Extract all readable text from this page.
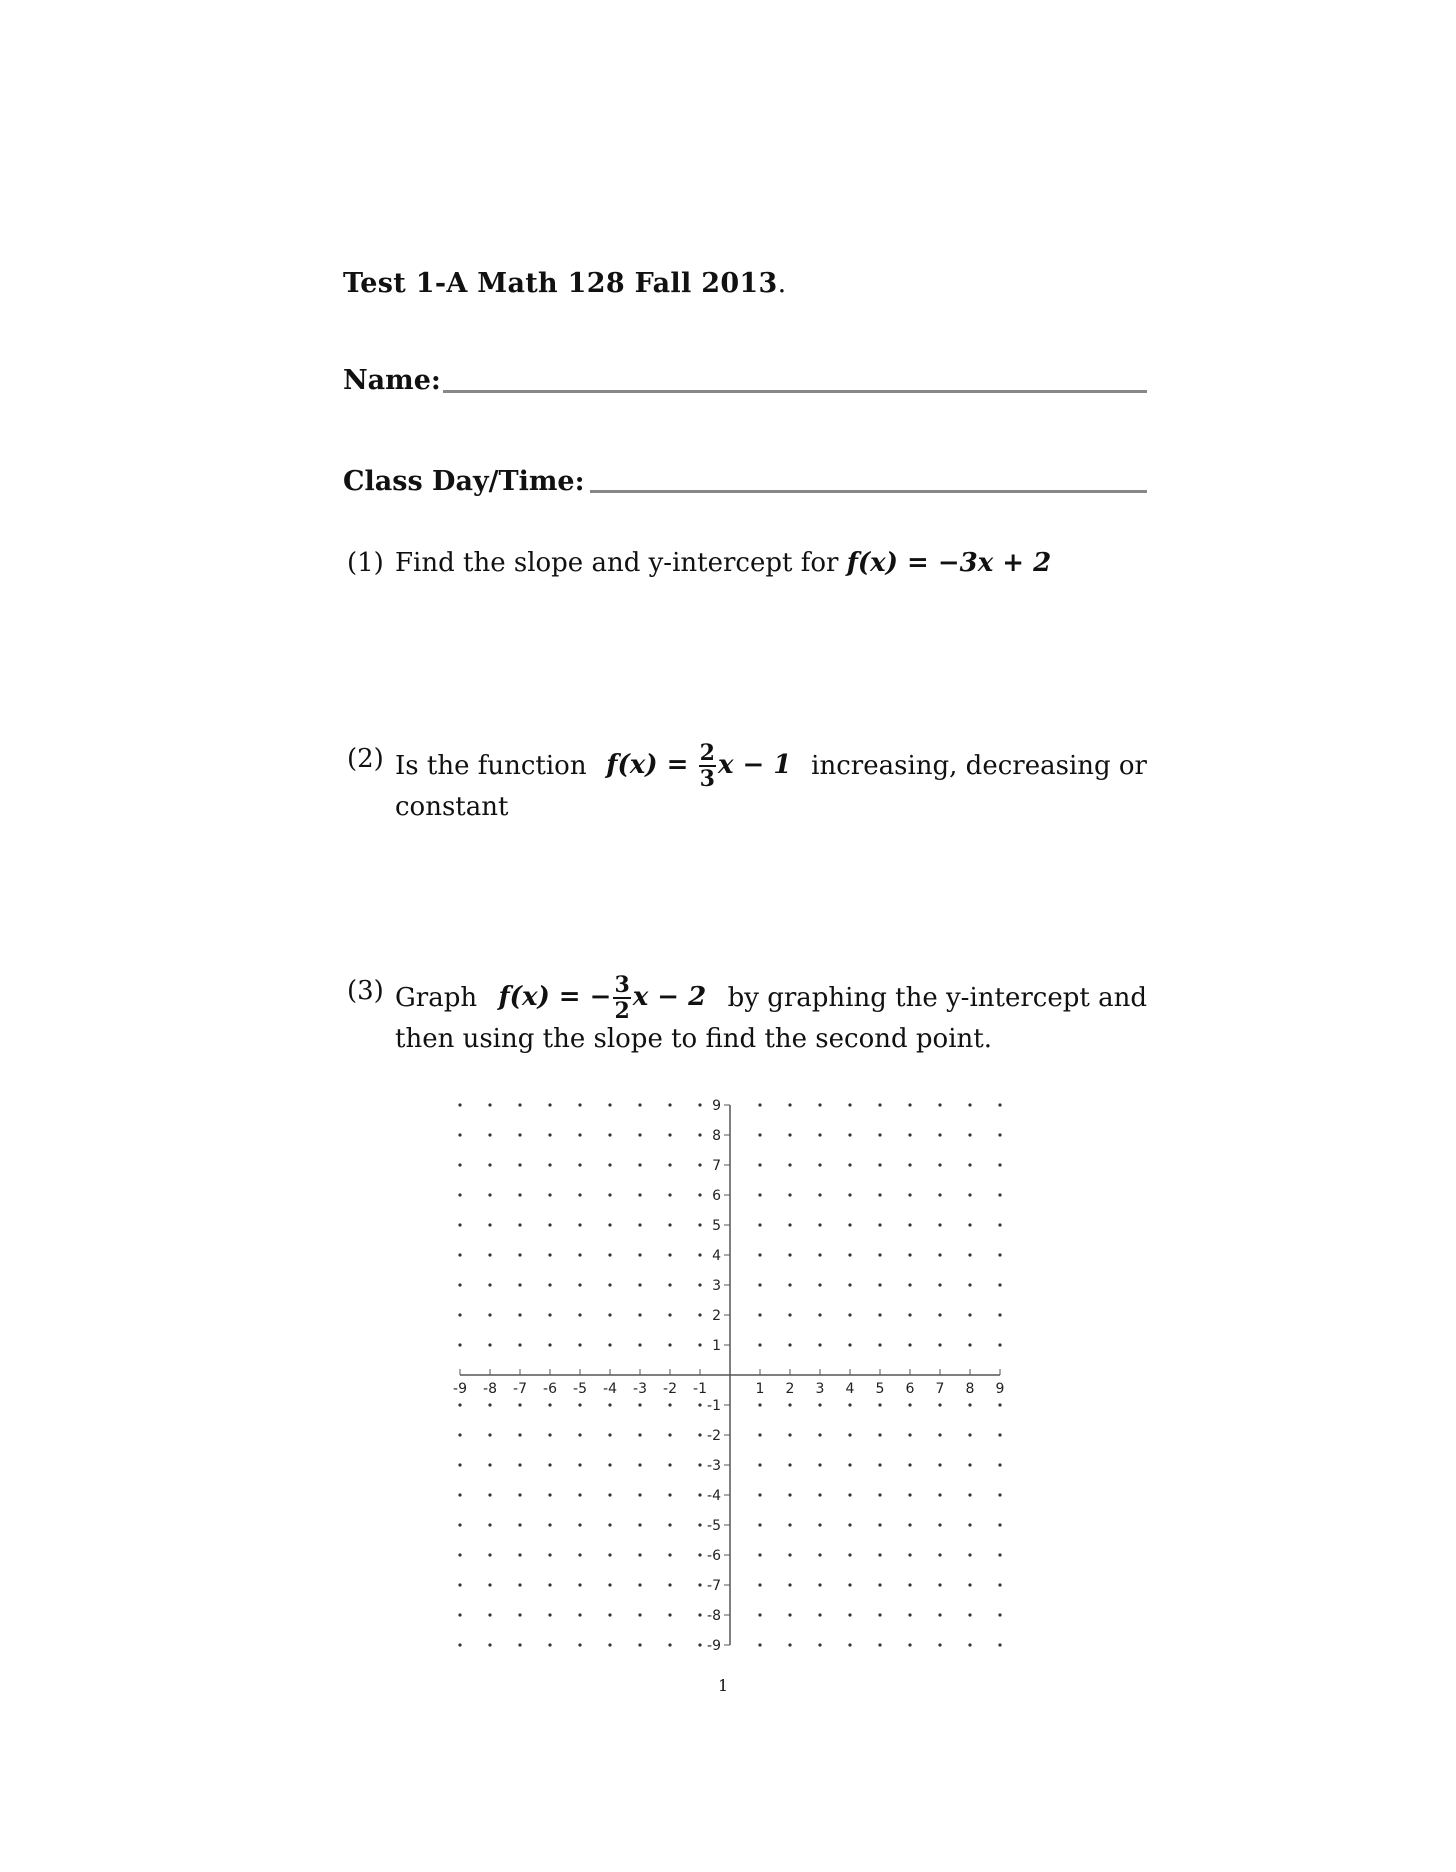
Test 1-A Math 128 Fall 2013.
Name:
Class Day/Time:
(1) Find the slope and y-intercept for f(x) = −3x + 2
(2) Is the function $f(x) = \frac{2}{3}$ x − 1 increasing, decreasing or
constant
(3) Graph f(x) = − $\frac{3}{2}$ x − 2 by graphing the y-intercept and
then using the slope to find the second point.
-9 -8 -7 -6 -5 -4 -3 -2 -1	1 2 3 4 5 6 7 8 9
9
8
7
6
5
4
3
2
1
-1
-2
-3
-4
-5
-6
-7
-8
-9
1
